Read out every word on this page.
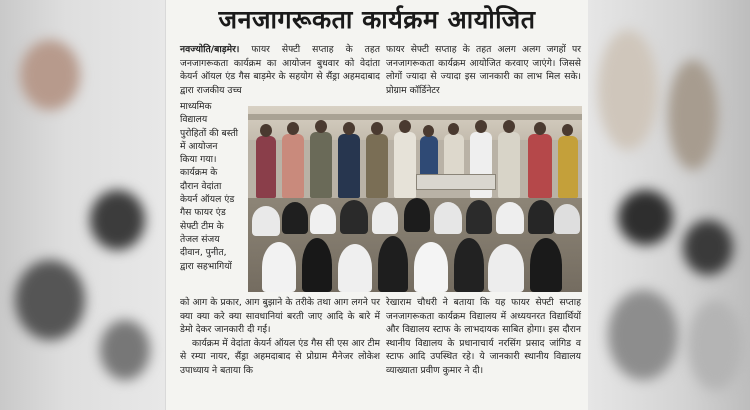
जनजागरूकता कार्यक्रम आयोजित
नवज्योति/बाड़मेर। फायर सेफ्टी सप्ताह के तहत जनजागरूकता कार्यक्रम का आयोजन बुधवार को वेदांता केयर्न ऑयल एंड गैस बाड़मेर के सहयोग से सैंड्रा अहमदाबाद द्वारा राजकीय उच्च
फायर सेफ्टी सप्ताह के तहत अलग अलग जगहों पर जनजागरूकता कार्यक्रम आयोजित करवाए जाएंगे। जिससे लोगों ज्यादा से ज्यादा इस जानकारी का लाभ मिल सके। प्रोग्राम कॉर्डिनेटर
माध्यमिक
विद्यालय
पुरोहितों की बस्ती
में आयोजन
किया गया।
कार्यक्रम के
दौरान वेदांता
केयर्न ऑयल एंड
गैस फायर एंड
सेफ्टी टीम के
तेजल संजय
दीवान, पुनीत,
द्वारा सहभागियों

को आग के प्रकार, आग बुझाने के तरीके तथा आग लगने पर क्या क्या करे क्या सावधानियां बरती जाए आदि के बारे में डेमो देकर जानकारी दी गई।

कार्यक्रम में वेदांता केयर्न ऑयल एंड गैस सी एस आर टीम से रम्या नायर, सैंड्रा अहमदाबाद से प्रोग्राम मैनेजर लोकेश उपाध्याय ने बताया कि

रेखाराम चौधरी ने बताया कि यह फायर सेफ्टी सप्ताह जनजागरूकता कार्यक्रम विद्यालय में अध्ययनरत विद्यार्थियों और विद्यालय स्टाफ के लाभदायक साबित होगा। इस दौरान स्थानीय विद्यालय के प्रधानाचार्य नरसिंग प्रसाद जांगिड व स्टाफ आदि उपस्थित रहे। ये जानकारी स्थानीय विद्यालय व्याख्याता प्रवीण कुमार ने दी।
